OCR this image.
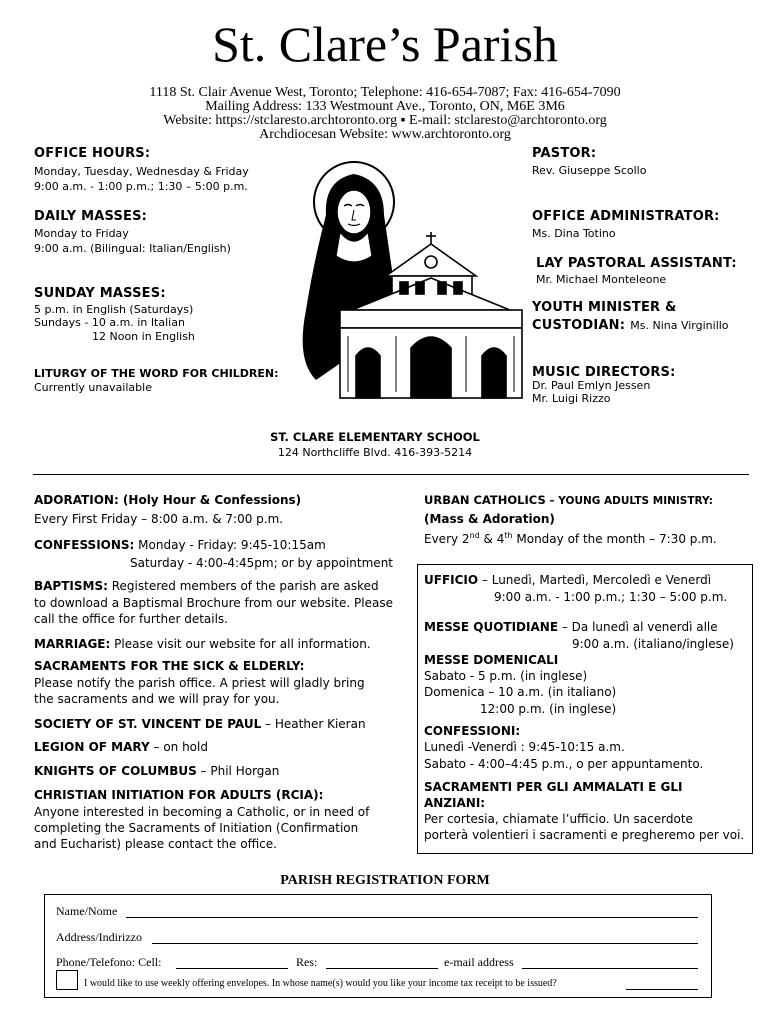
St. Clare’s Parish
1118 St. Clair Avenue West, Toronto; Telephone: 416-654-7087; Fax: 416-654-7090
Mailing Address: 133 Westmount Ave., Toronto, ON, M6E 3M6
Website: https://stclaresto.archtoronto.org ▪ E-mail: stclaresto@archtoronto.org
Archdiocesan Website: www.archtoronto.org
OFFICE HOURS:
Monday, Tuesday, Wednesday & Friday
9:00 a.m. - 1:00 p.m.; 1:30 – 5:00 p.m.
DAILY MASSES:
Monday to Friday
9:00 a.m. (Bilingual: Italian/English)
SUNDAY MASSES:
5 p.m. in English (Saturdays)
Sundays - 10 a.m. in Italian
12 Noon in English
LITURGY OF THE WORD FOR CHILDREN:
Currently unavailable
PASTOR:
Rev. Giuseppe Scollo
OFFICE ADMINISTRATOR:
Ms. Dina Totino
LAY PASTORAL ASSISTANT:
Mr. Michael Monteleone
YOUTH MINISTER &
CUSTODIAN: Ms. Nina Virginillo
MUSIC DIRECTORS:
Dr. Paul Emlyn Jessen
Mr. Luigi Rizzo
ST. CLARE ELEMENTARY SCHOOL
124 Northcliffe Blvd. 416-393-5214
ADORATION: (Holy Hour & Confessions)
Every First Friday – 8:00 a.m. & 7:00 p.m.
CONFESSIONS: Monday - Friday: 9:45-10:15am
Saturday - 4:00-4:45pm; or by appointment
BAPTISMS: Registered members of the parish are asked
to download a Baptismal Brochure from our website. Please
call the office for further details.
MARRIAGE: Please visit our website for all information.
SACRAMENTS FOR THE SICK & ELDERLY:
Please notify the parish office. A priest will gladly bring
the sacraments and we will pray for you.
SOCIETY OF ST. VINCENT DE PAUL – Heather Kieran
LEGION OF MARY – on hold
KNIGHTS OF COLUMBUS – Phil Horgan
CHRISTIAN INITIATION FOR ADULTS (RCIA):
Anyone interested in becoming a Catholic, or in need of
completing the Sacraments of Initiation (Confirmation
and Eucharist) please contact the office.
URBAN CATHOLICS – YOUNG ADULTS MINISTRY:
(Mass & Adoration)
Every 2nd & 4th Monday of the month – 7:30 p.m.
UFFICIO – Lunedì, Martedì, Mercoledì e Venerdì
9:00 a.m. - 1:00 p.m.; 1:30 – 5:00 p.m.
MESSE QUOTIDIANE – Da lunedì al venerdì alle
9:00 a.m. (italiano/inglese)
MESSE DOMENICALI
Sabato - 5 p.m. (in inglese)
Domenica – 10 a.m. (in italiano)
12:00 p.m. (in inglese)
CONFESSIONI:
Lunedì -Venerdì : 9:45-10:15 a.m.
Sabato - 4:00–4:45 p.m., o per appuntamento.
SACRAMENTI PER GLI AMMALATI E GLI
ANZIANI:
Per cortesia, chiamate l’ufficio. Un sacerdote
porterà volentieri i sacramenti e pregheremo per voi.
PARISH REGISTRATION FORM
Name/Nome
Address/Indirizzo
Phone/Telefono: Cell:	Res:	e-mail address
I would like to use weekly offering envelopes. In whose name(s) would you like your income tax receipt to be issued?
